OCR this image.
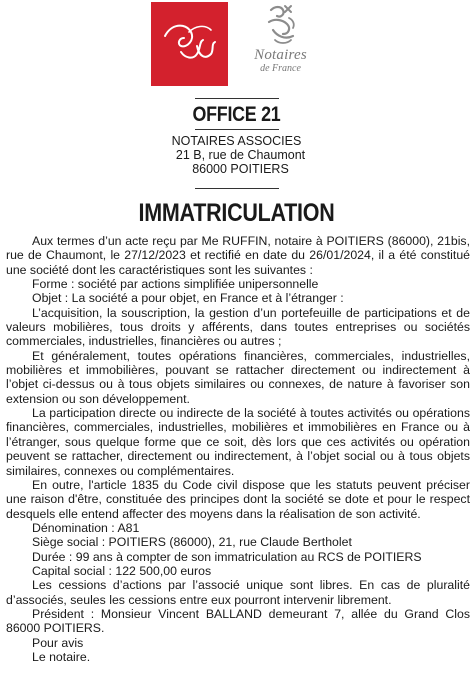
Notaires
de France
OFFICE 21
NOTAIRES ASSOCIES
21 B, rue de Chaumont
86000 POITIERS
IMMATRICULATION

Aux termes d’un acte reçu par Me RUFFIN, notaire à POITIERS (86000), 21bis, rue de Chaumont, le 27/12/2023 et rectifié en date du 26/01/2024, il a été constitué une société dont les caractéristiques sont les suivantes :

Forme : société par actions simplifiée unipersonnelle

Objet : La société a pour objet, en France et à l’étranger :

L’acquisition, la souscription, la gestion d’un portefeuille de participations et de valeurs mobilières, tous droits y afférents, dans toutes entreprises ou sociétés commerciales, industrielles, financières ou autres ;

Et généralement, toutes opérations financières, commerciales, industrielles, mobilières et immobilières, pouvant se rattacher directement ou indirectement à l’objet ci-dessus ou à tous objets similaires ou connexes, de nature à favoriser son extension ou son développement.

La participation directe ou indirecte de la société à toutes activités ou opérations financières, commerciales, industrielles, mobilières et immobilières en France ou à l’étranger, sous quelque forme que ce soit, dès lors que ces activités ou opération peuvent se rattacher, directement ou indirectement, à l’objet social ou à tous objets similaires, connexes ou complémentaires.

En outre, l'article 1835 du Code civil dispose que les statuts peuvent préciser une raison d'être, constituée des principes dont la société se dote et pour le respect desquels elle entend affecter des moyens dans la réalisation de son activité.

Dénomination : A81

Siège social : POITIERS (86000), 21, rue Claude Bertholet

Durée : 99 ans à compter de son immatriculation au RCS de POITIERS

Capital social : 122 500,00 euros

Les cessions d’actions par l’associé unique sont libres. En cas de pluralité d’associés, seules les cessions entre eux pourront intervenir librement.

Président : Monsieur Vincent BALLAND demeurant 7, allée du Grand Clos 86000 POITIERS.

Pour avis

Le notaire.
